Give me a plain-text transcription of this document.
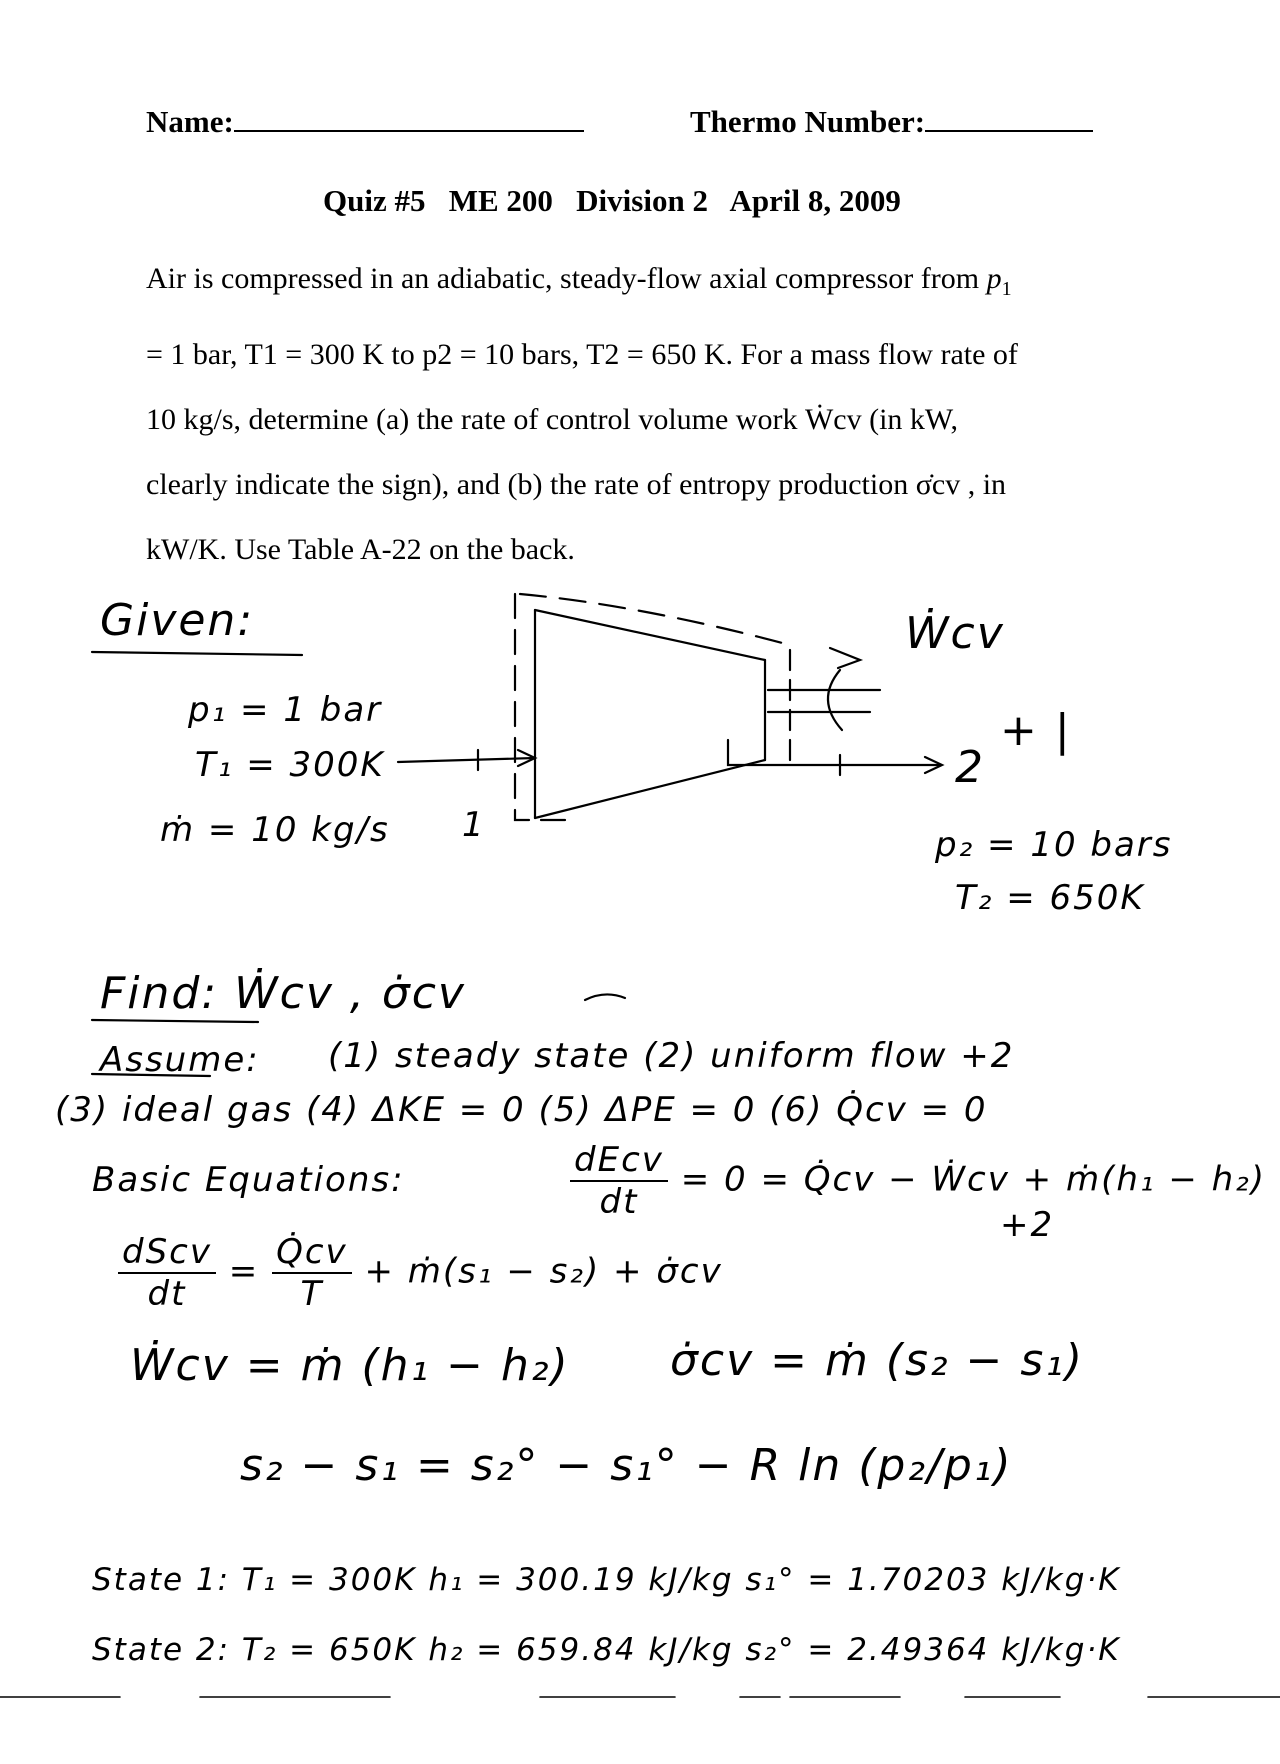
Name:	Thermo Number:
Quiz #5   ME 200   Division 2   April 8, 2009
Air is compressed in an adiabatic, steady-flow axial compressor from $p_1$
= 1 bar, T1 = 300 K to p2 = 10 bars, T2 = 650 K. For a mass flow rate of
10 kg/s, determine (a) the rate of control volume work Ẇcv (in kW,
clearly indicate the sign), and (b) the rate of entropy production σ̇cv , in
kW/K. Use Table A-22 on the back.
Given:
p₁ = 1 bar
T₁ = 300K
ṁ = 10 kg/s
Ẇcv
+ |
1
2
p₂ = 10 bars
T₂ = 650K
Find: Ẇcv , σ̇cv
Assume: (1) steady state (2) uniform flow +2
(3) ideal gas (4) ΔKE = 0 (5) ΔPE = 0 (6) Q̇cv = 0
Basic Equations:	$\frac{\text{dEcv}}{dt} = 0$ = Q̇cv − Ẇcv + ṁ(h₁ − h₂)
+2
$\frac{\text{dScv}}{dt} = \frac{Q̇cv}{T}$ + ṁ(s₁ − s₂) + σ̇cv
Ẇcv = ṁ (h₁ − h₂) σ̇cv = ṁ (s₂ − s₁)
s₂ − s₁ = s₂° − s₁° − R ln (p₂/p₁)
State 1: T₁ = 300K h₁ = 300.19 kJ/kg s₁° = 1.70203 kJ/kg·K
State 2: T₂ = 650K h₂ = 659.84 kJ/kg s₂° = 2.49364 kJ/kg·K
